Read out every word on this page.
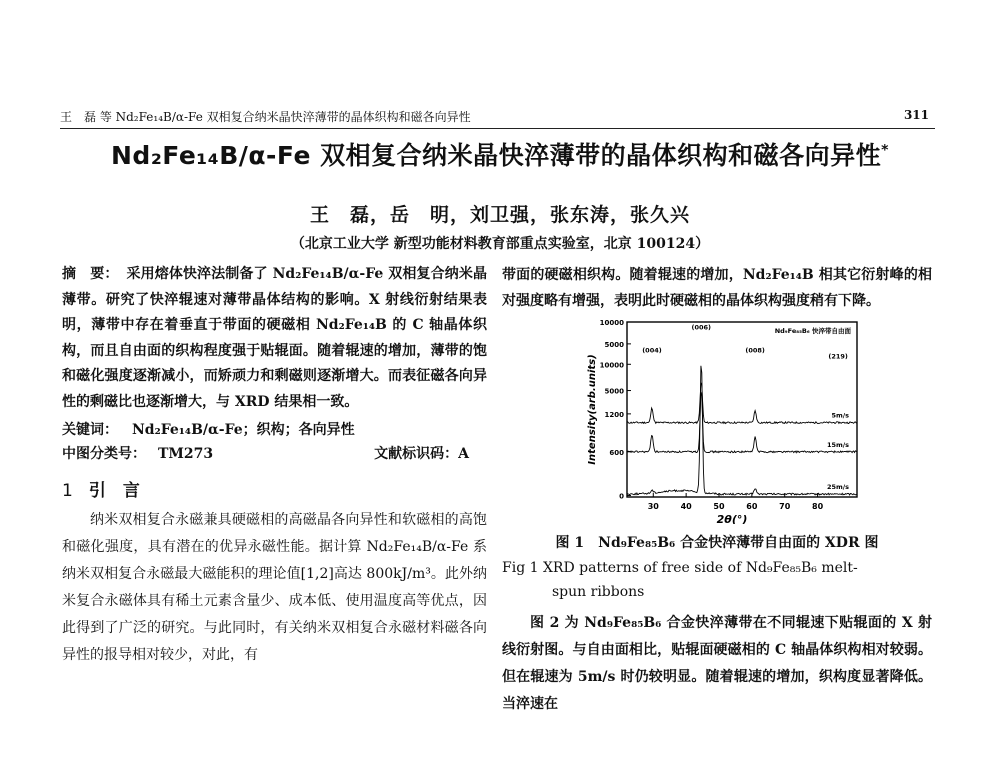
王　磊 等 Nd₂Fe₁₄B/α-Fe 双相复合纳米晶快淬薄带的晶体织构和磁各向异性	311
Nd₂Fe₁₄B/α-Fe 双相复合纳米晶快淬薄带的晶体织构和磁各向异性*
王　磊，岳　明，刘卫强，张东涛，张久兴
（北京工业大学 新型功能材料教育部重点实验室，北京 100124）
摘　要： 采用熔体快淬法制备了 Nd₂Fe₁₄B/α-Fe 双相复合纳米晶薄带。研究了快淬辊速对薄带晶体结构的影响。X 射线衍射结果表明，薄带中存在着垂直于带面的硬磁相 Nd₂Fe₁₄B 的 C 轴晶体织构，而且自由面的织构程度强于贴辊面。随着辊速的增加，薄带的饱和磁化强度逐渐减小，而矫顽力和剩磁则逐渐增大。而表征磁各向异性的剩磁比也逐渐增大，与 XRD 结果相一致。
关键词： Nd₂Fe₁₄B/α-Fe；织构；各向异性
中图分类号： TM273	文献标识码：A
1 引　言
纳米双相复合永磁兼具硬磁相的高磁晶各向异性和软磁相的高饱和磁化强度，具有潜在的优异永磁性能。据计算 Nd₂Fe₁₄B/α-Fe 系纳米双相复合永磁最大磁能积的理论值[1,2]高达 800kJ/m³。此外纳米复合永磁体具有稀土元素含量少、成本低、使用温度高等优点，因此得到了广泛的研究。与此同时，有关纳米双相复合永磁材料磁各向异性的报导相对较少，对此，有
带面的硬磁相织构。随着辊速的增加，Nd₂Fe₁₄B 相其它衍射峰的相对强度略有增强，表明此时硬磁相的晶体织构强度稍有下降。
30	40	50	60	70	80
2θ(°)
10000
5000
10000
5000
1200
600
0
Intensity(arb.units)	5m/s
15m/s
25m/s
(004)
(006)
(008)
(219)
Nd₉Fe₈₅B₆ 快淬带自由面
图 1　Nd₉Fe₈₅B₆ 合金快淬薄带自由面的 XDR 图
Fig 1 XRD patterns of free side of Nd₉Fe₈₅B₆ melt-
spun ribbons
图 2 为 Nd₉Fe₈₅B₆ 合金快淬薄带在不同辊速下贴辊面的 X 射线衍射图。与自由面相比，贴辊面硬磁相的 C 轴晶体织构相对较弱。但在辊速为 5m/s 时仍较明显。随着辊速的增加，织构度显著降低。当淬速在
